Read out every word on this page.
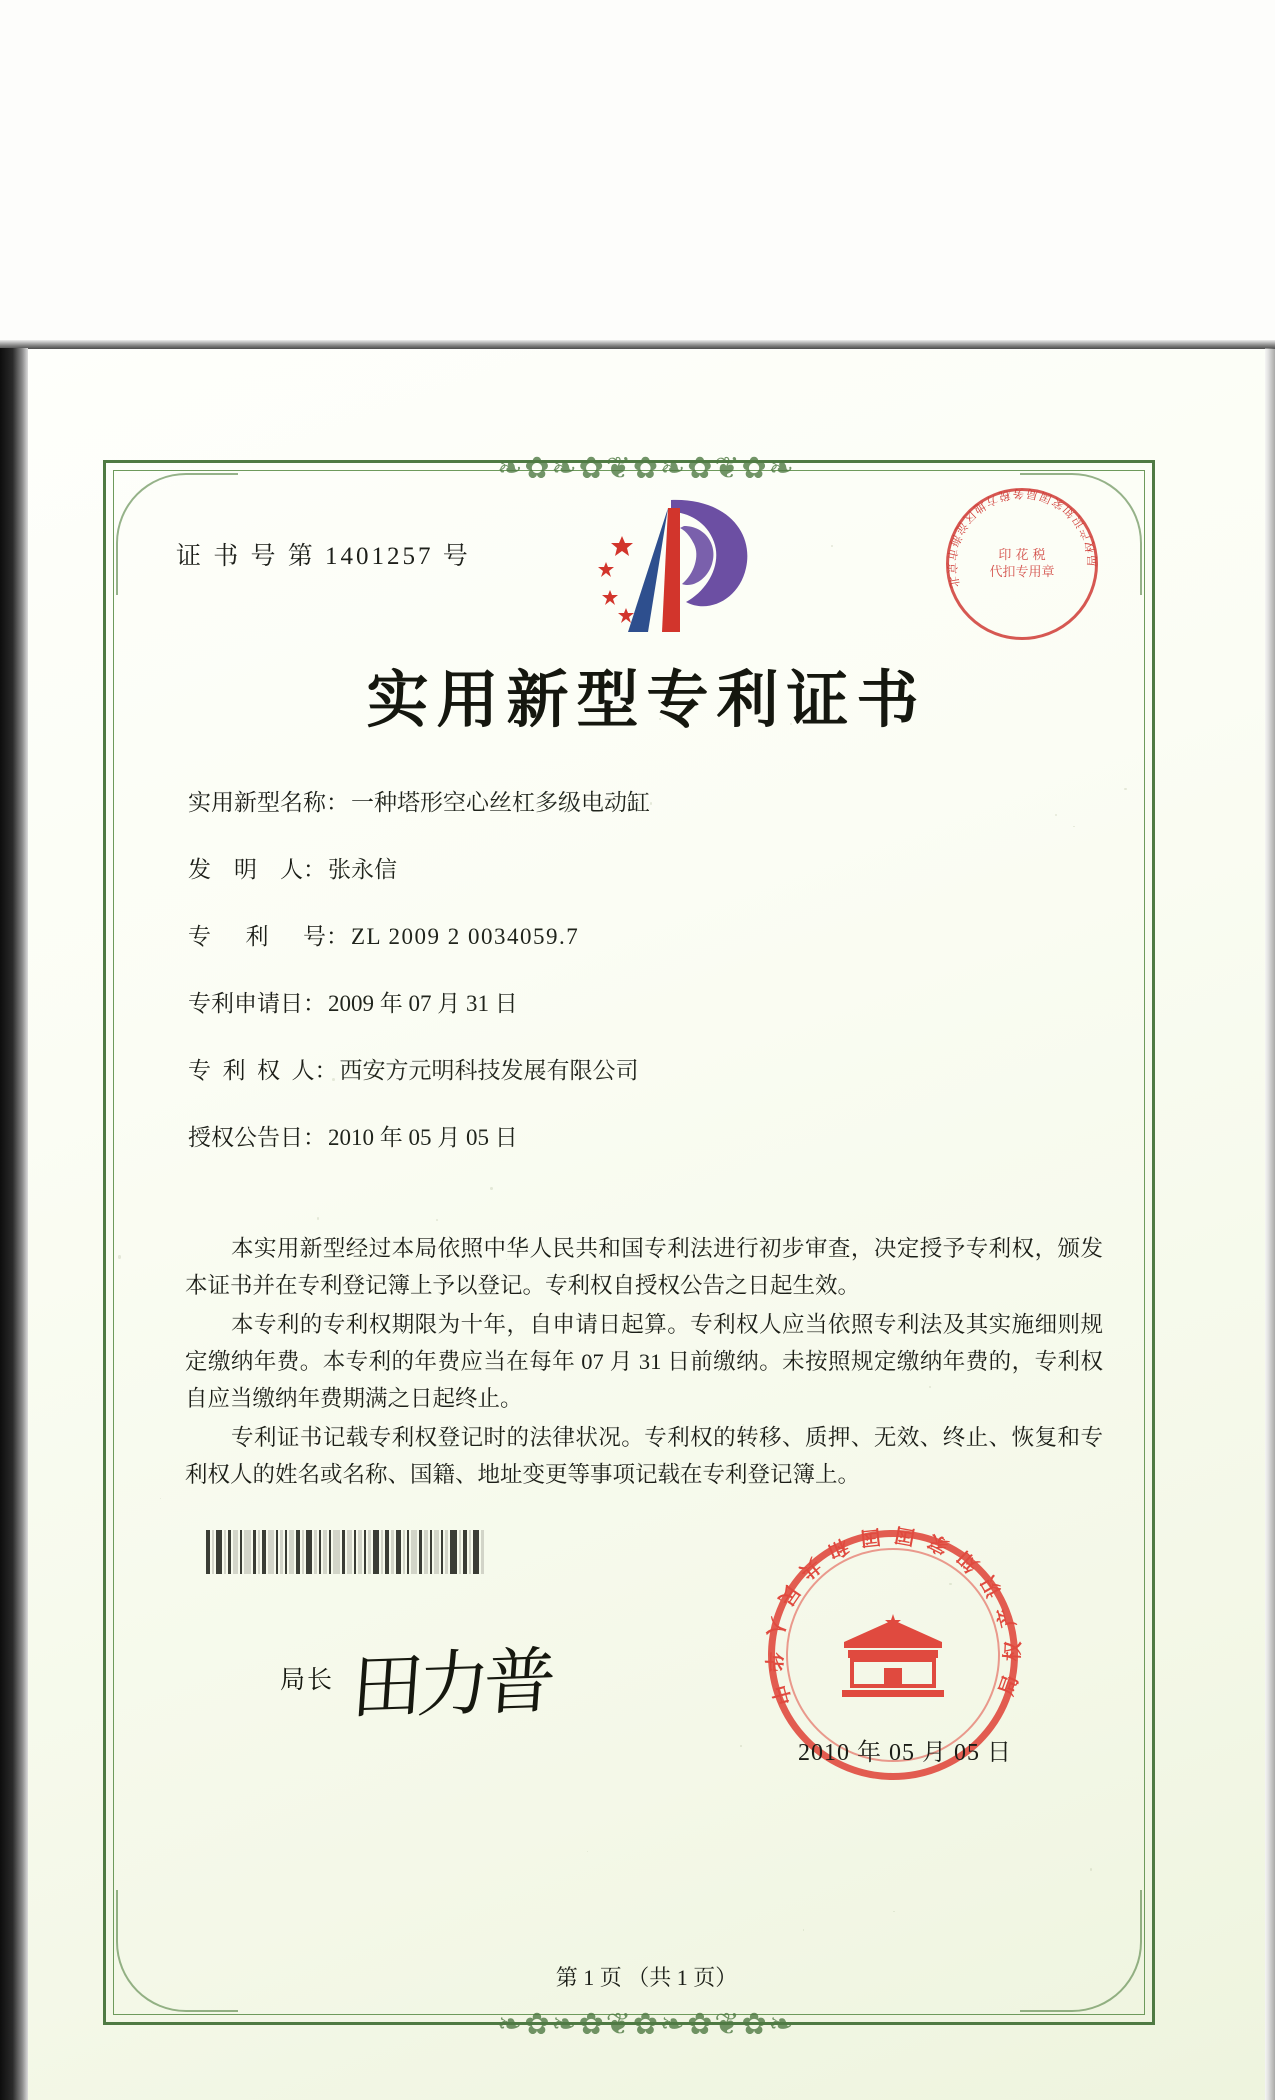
❧✿❧✿❦✿❧✿❦✿❧
❧✿❧✿❦✿❧✿❦✿❧
证 书 号 第 1401257 号
北
京
市
海
淀
区
地
方
税 务 局
国
家
知
识
产
权
局
印 花 税
代扣专用章
实用新型专利证书
实用新型名称： 一种塔形空心丝杠多级电动缸
发    明    人： 张永信
专      利      号： ZL 2009 2 0034059.7
专利申请日： 2009 年 07 月 31 日
专  利  权  人： 西安方元明科技发展有限公司
授权公告日： 2010 年 05 月 05 日

本实用新型经过本局依照中华人民共和国专利法进行初步审查，决定授予专利权，颁发本证书并在专利登记簿上予以登记。专利权自授权公告之日起生效。

本专利的专利权期限为十年，自申请日起算。专利权人应当依照专利法及其实施细则规定缴纳年费。本专利的年费应当在每年 07 月 31 日前缴纳。未按照规定缴纳年费的，专利权自应当缴纳年费期满之日起终止。

专利证书记载专利权登记时的法律状况。专利权的转移、质押、无效、终止、恢复和专利权人的姓名或名称、国籍、地址变更等事项记载在专利登记簿上。

局长 田力普	中
华
人
民
共
和 国 国 家
知
识
产
权
局
2010 年 05 月 05 日
第 1 页 （共 1 页）
